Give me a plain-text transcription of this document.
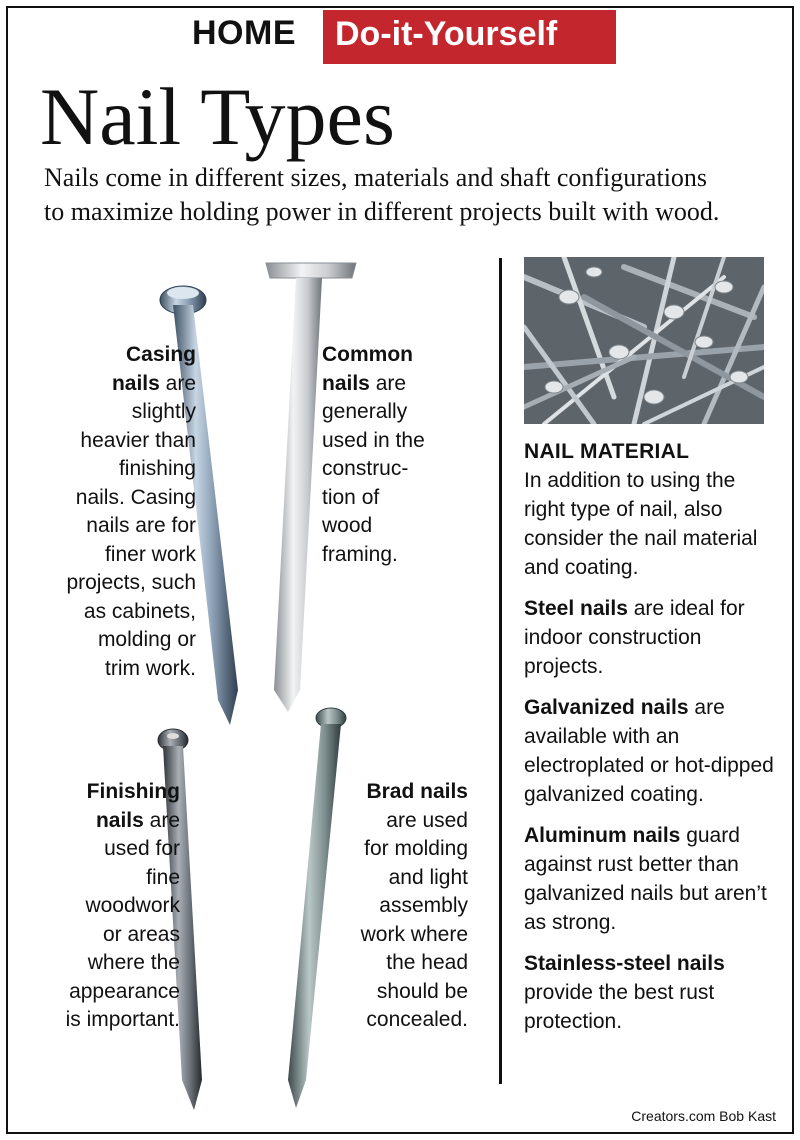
HOME	Do-it-Yourself
Nail Types
Nails come in different sizes, materials and shaft configurations
to maximize holding power in different projects built with wood.
Casing
nails are
slightly
heavier than
finishing
nails. Casing
nails are for
finer work
projects, such
as cabinets,
molding or
trim work.
Common
nails are
generally
used in the
construc-
tion of
wood
framing.
Finishing
nails are
used for
fine
woodwork
or areas
where the
appearance
is important.
Brad nails
are used
for molding
and light
assembly
work where
the head
should be
concealed.
NAIL MATERIAL

In addition to using the right type of nail, also consider the nail material and coating.

Steel nails are ideal for indoor construction projects.

Galvanized nails are available with an electroplated or hot-dipped galvanized coating.

Aluminum nails guard against rust better than galvanized nails but aren’t as strong.

Stainless-steel nails provide the best rust protection.

Creators.com Bob Kast
